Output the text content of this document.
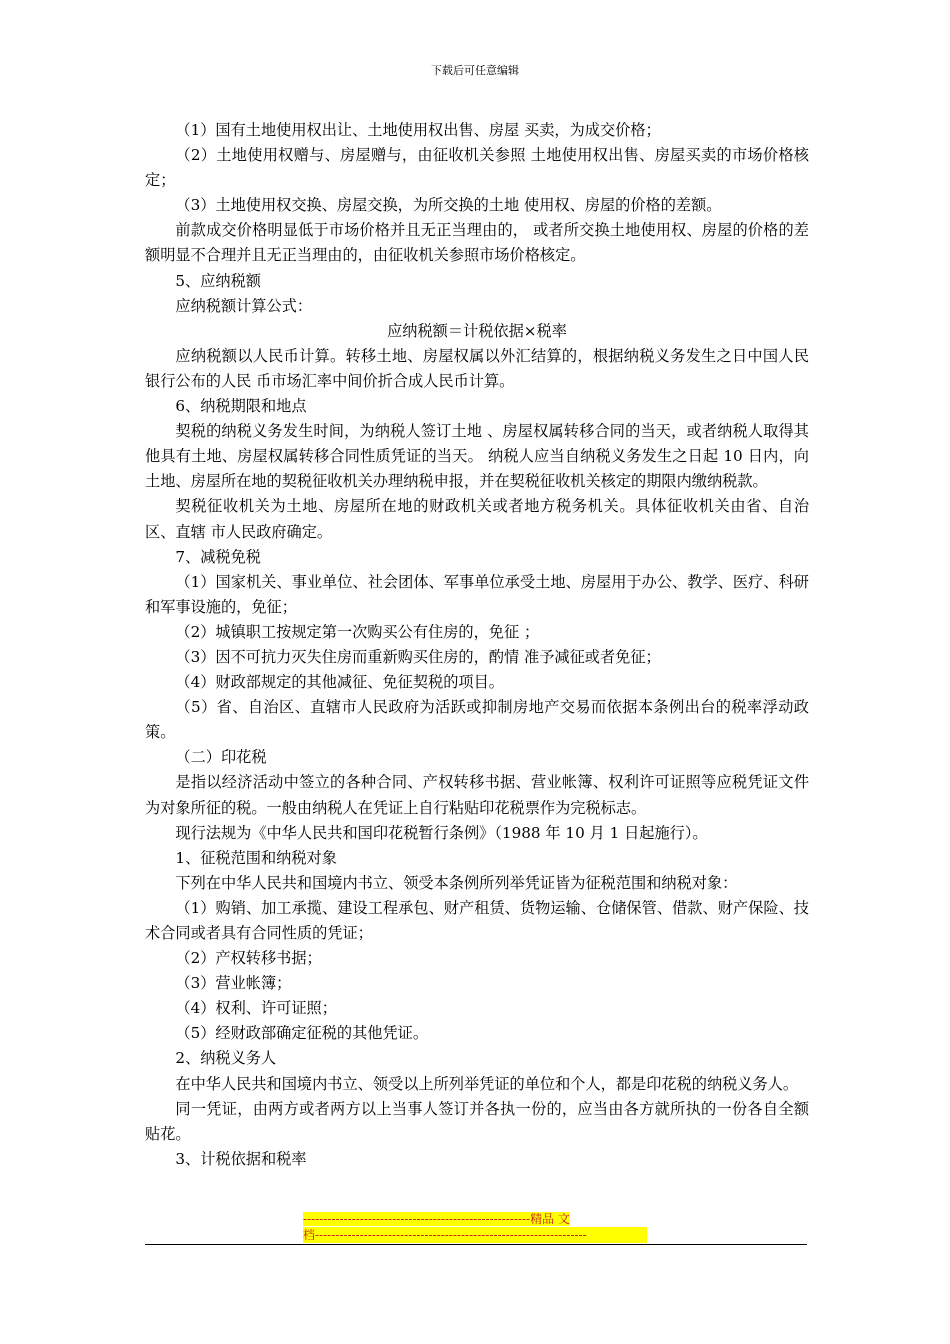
下载后可任意编辑

（1）国有土地使用权出让、土地使用权出售、房屋 买卖，为成交价格；

（2）土地使用权赠与、房屋赠与，由征收机关参照 土地使用权出售、房屋买卖的市场价格核定；

（3）土地使用权交换、房屋交换，为所交换的土地 使用权、房屋的价格的差额。

前款成交价格明显低于市场价格并且无正当理由的， 或者所交换土地使用权、房屋的价格的差额明显不合理并且无正当理由的，由征收机关参照市场价格核定。

5、应纳税额

应纳税额计算公式：

应纳税额＝计税依据×税率

应纳税额以人民币计算。转移土地、房屋权属以外汇结算的，根据纳税义务发生之日中国人民银行公布的人民 币市场汇率中间价折合成人民币计算。

6、纳税期限和地点

契税的纳税义务发生时间，为纳税人签订土地 、房屋权属转移合同的当天，或者纳税人取得其他具有土地、房屋权属转移合同性质凭证的当天。 纳税人应当自纳税义务发生之日起 10 日内，向土地、房屋所在地的契税征收机关办理纳税申报，并在契税征收机关核定的期限内缴纳税款。

契税征收机关为土地、房屋所在地的财政机关或者地方税务机关。具体征收机关由省、自治区、直辖 市人民政府确定。

7、减税免税

（1）国家机关、事业单位、社会团体、军事单位承受土地、房屋用于办公、教学、医疗、科研和军事设施的，免征；

（2）城镇职工按规定第一次购买公有住房的，免征 ；

（3）因不可抗力灭失住房而重新购买住房的，酌情 准予减征或者免征；

（4）财政部规定的其他减征、免征契税的项目。

（5）省、自治区、直辖市人民政府为活跃或抑制房地产交易而依据本条例出台的税率浮动政策。

（二）印花税

是指以经济活动中签立的各种合同、产权转移书据、营业帐簿、权利许可证照等应税凭证文件为对象所征的税。一般由纳税人在凭证上自行粘贴印花税票作为完税标志。

现行法规为《中华人民共和国印花税暂行条例》（1988 年 10 月 1 日起施行）。

1、征税范围和纳税对象

下列在中华人民共和国境内书立、领受本条例所列举凭证皆为征税范围和纳税对象：

（1）购销、加工承揽、建设工程承包、财产租赁、货物运输、仓储保管、借款、财产保险、技术合同或者具有合同性质的凭证；

（2）产权转移书据；

（3）营业帐簿；

（4）权利、许可证照；

（5）经财政部确定征税的其他凭证。

2、纳税义务人

在中华人民共和国境内书立、领受以上所列举凭证的单位和个人，都是印花税的纳税义务人。

同一凭证，由两方或者两方以上当事人签订并各执一份的，应当由各方就所执的一份各自全额贴花。

3、计税依据和税率

--------------------------------------------------------精品 文
档-------------------------------------------------------------------
